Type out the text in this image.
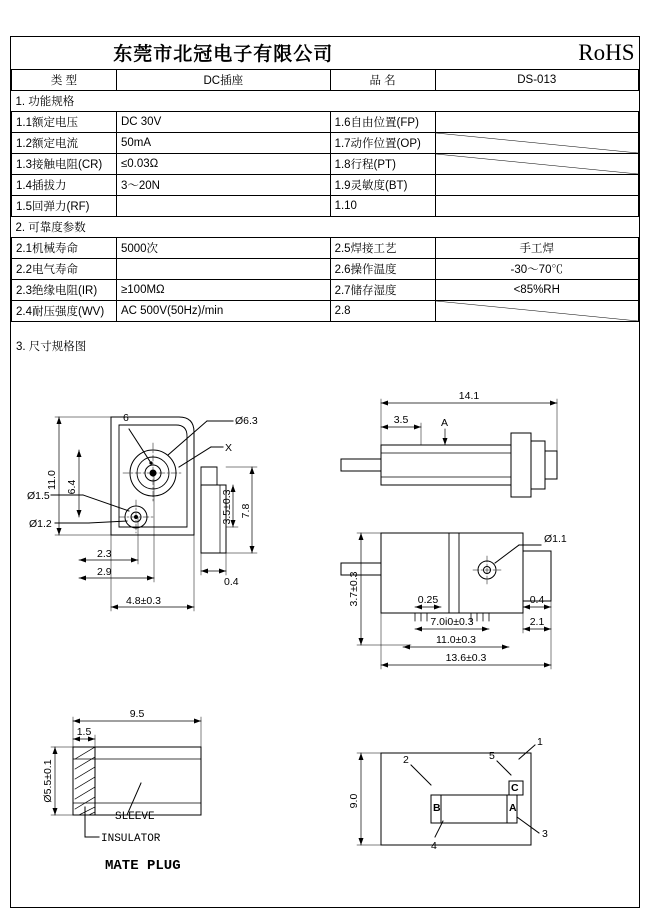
东莞市北冠电子有限公司			RoHS
类 型	DC插座	品 名	DS-013
1. 功能规格			
1.1额定电压	DC 30V	1.6自由位置(FP)	
1.2额定电流	50mA	1.7动作位置(OP)	
1.3接触电阻(CR)	≤0.03Ω	1.8行程(PT)	
1.4插拔力	3～20N	1.9灵敏度(BT)	
1.5回弹力(RF)		1.10	
2. 可靠度参数			
2.1机械寿命	5000次	2.5焊接工艺	手工焊
2.2电气寿命		2.6操作温度	-30～70℃
2.3绝缘电阻(IR)	≥100MΩ	2.7储存湿度	<85%RH
2.4耐压强度(WV)	AC 500V(50Hz)/min	2.8	
3. 尺寸规格图
6	Ø6.3
X
11.0 6.4
Ø1.5
Ø1.2
2.3
2.9
4.8±0.3
3.5±0.3 7.8
0.4
14.1
3.5	A
Ø1.1
3.7±0.3	0.25
7.0i0±0.3
11.0±0.3
13.6±0.3
0.4
2.1
9.5
1.5
Ø5.5±0.1
SLEEVE
INSULATOR
MATE PLUG
2
1
5
3
4
C
B	A
9.0
